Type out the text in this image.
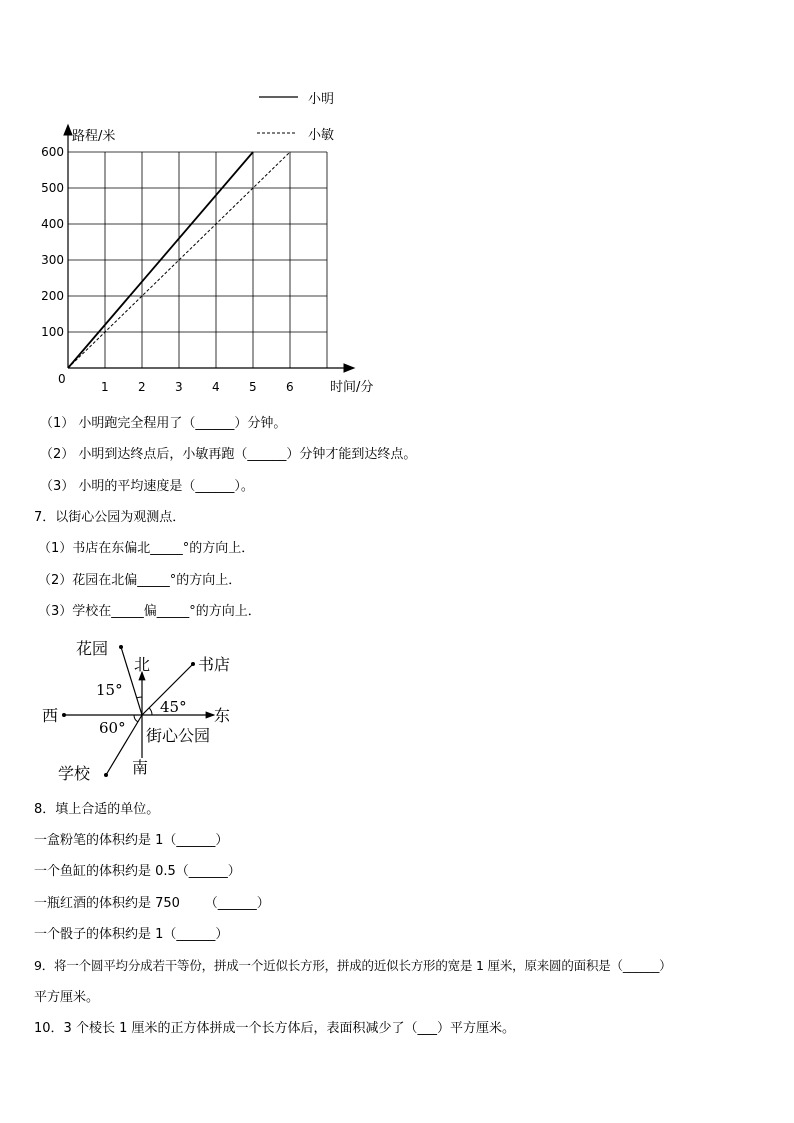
路程/米
时间/分
0
1 2 3 4 5 6
100
200
300
400
500
600
小明
小敏
（1） 小明跑完全程用了（______）分钟。
（2） 小明到达终点后，小敏再跑（______）分钟才能到达终点。
（3） 小明的平均速度是（______）。
7．以街心公园为观测点．
（1）书店在东偏北_____°的方向上．
（2）花园在北偏_____°的方向上．
（3）学校在_____偏_____°的方向上．
西	东
北
南
花园
书店
学校
街心公园
15°
45°
60°
8．填上合适的单位。
一盒粉笔的体积约是 1（______）
一个鱼缸的体积约是 0.5（______）
一瓶红酒的体积约是 750      （______）
一个骰子的体积约是 1（______）
9．将一个圆平均分成若干等份，拼成一个近似长方形，拼成的近似长方形的宽是 1 厘米，原来圆的面积是（______）
平方厘米。
10．3 个棱长 1 厘米的正方体拼成一个长方体后，表面积减少了（___）平方厘米。
